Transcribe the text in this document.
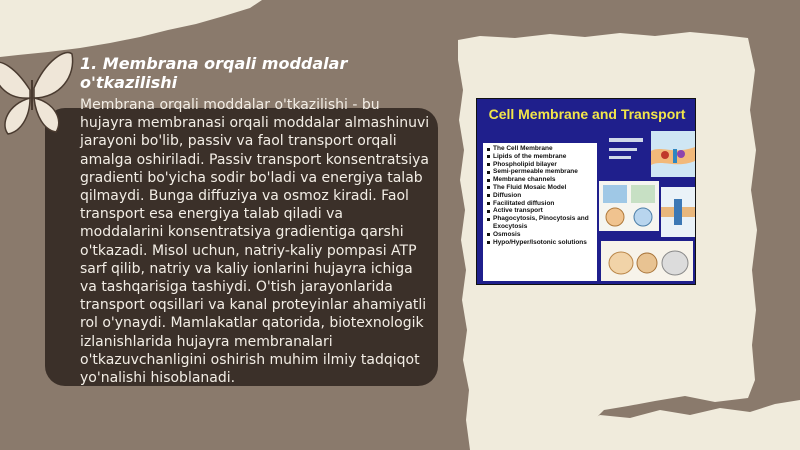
1. Membrana orqali moddalar o'tkazilishi

Membrana orqali moddalar o'tkazilishi - bu hujayra membranasi orqali moddalar almashinuvi jarayoni bo'lib, passiv va faol transport orqali amalga oshiriladi. Passiv transport konsentratsiya gradienti bo'yicha sodir bo'ladi va energiya talab qilmaydi. Bunga diffuziya va osmoz kiradi. Faol transport esa energiya talab qiladi va moddalarini konsentratsiya gradientiga qarshi o'tkazadi. Misol uchun, natriy-kaliy pompasi ATP sarf qilib, natriy va kaliy ionlarini hujayra ichiga va tashqarisiga tashiydi. O'tish jarayonlarida transport oqsillari va kanal proteyinlar ahamiyatli rol o'ynaydi. Mamlakatlar qatorida, biotexnologik izlanishlarida hujayra membranalari o'tkazuvchanligini oshirish muhim ilmiy tadqiqot yo'nalishi hisoblanadi.

Cell Membrane and Transport
The Cell Membrane
Lipids of the membrane
Phospholipid bilayer
Semi-permeable membrane
Membrane channels
The Fluid Mosaic Model
Diffusion
Facilitated diffusion
Active transport
Phagocytosis, Pinocytosis and Exocytosis
Osmosis
Hypo/Hyper/Isotonic solutions
